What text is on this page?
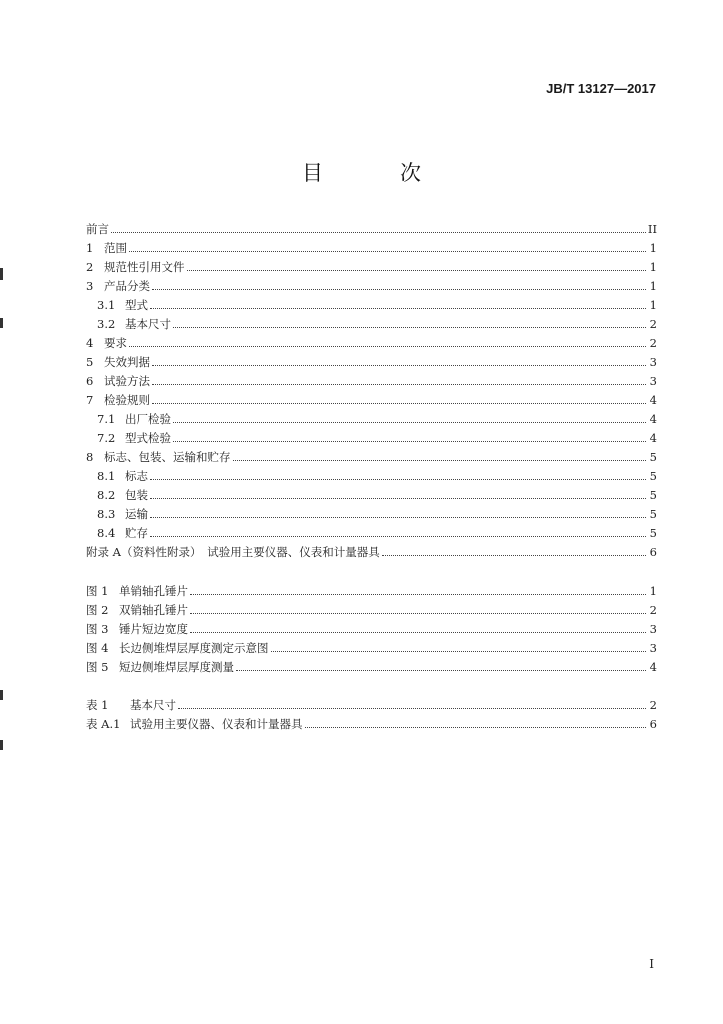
JB/T 13127—2017
目　次
前言	II
1 范围	1
2 规范性引用文件	1
3 产品分类	1
3.1 型式	1
3.2 基本尺寸	2
4 要求	2
5 失效判据	3
6 试验方法	3
7 检验规则	4
7.1 出厂检验	4
7.2 型式检验	4
8 标志、包装、运输和贮存	5
8.1 标志	5
8.2 包装	5
8.3 运输	5
8.4 贮存	5
附录 A（资料性附录）　试验用主要仪器、仪表和计量器具	6
图 1 单销轴孔锤片	1
图 2 双销轴孔锤片	2
图 3 锤片短边宽度	3
图 4 长边侧堆焊层厚度测定示意图	3
图 5 短边侧堆焊层厚度测量	4
表 1 基本尺寸	2
表 A.1 试验用主要仪器、仪表和计量器具	6
I
